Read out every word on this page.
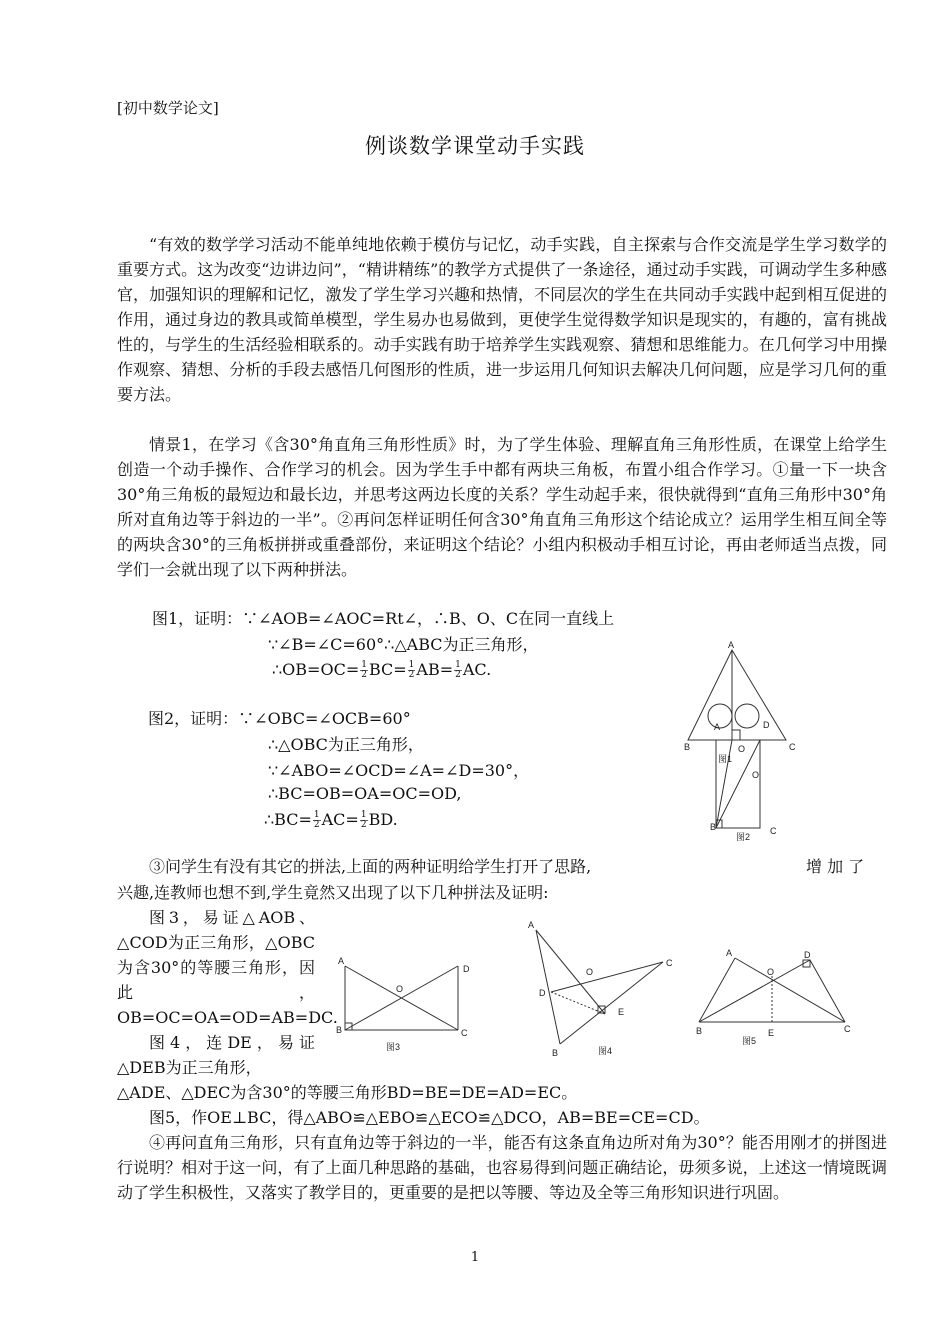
[初中数学论文]
例谈数学课堂动手实践
“有效的数学学习活动不能单纯地依赖于模仿与记忆，动手实践，自主探索与合作交流是学生学习数学的重要方式。这为改变“边讲边问”，“精讲精练”的教学方式提供了一条途径，通过动手实践，可调动学生多种感官，加强知识的理解和记忆，激发了学生学习兴趣和热情，不同层次的学生在共同动手实践中起到相互促进的作用，通过身边的教具或简单模型，学生易办也易做到，更使学生觉得数学知识是现实的，有趣的，富有挑战性的，与学生的生活经验相联系的。动手实践有助于培养学生实践观察、猜想和思维能力。在几何学习中用操作观察、猜想、分析的手段去感悟几何图形的性质，进一步运用几何知识去解决几何问题，应是学习几何的重要方法。
情景1，在学习《含30°角直角三角形性质》时，为了学生体验、理解直角三角形性质，在课堂上给学生创造一个动手操作、合作学习的机会。因为学生手中都有两块三角板，布置小组合作学习。①量一下一块含30°角三角板的最短边和最长边，并思考这两边长度的关系？学生动起手来，很快就得到“直角三角形中30°角所对直角边等于斜边的一半”。②再问怎样证明任何含30°角直角三角形这个结论成立？运用学生相互间全等的两块含30°的三角板拼拼或重叠部份，来证明这个结论？小组内积极动手相互讨论，再由老师适当点拨，同学们一会就出现了以下两种拼法。
图1，证明：∵∠AOB=∠AOC=Rt∠，∴B、O、C在同一直线上
∵∠B=∠C=60°∴△ABC为正三角形，
∴OB=OC= $\frac{1}{2} BC= \frac{1}{2} AB= \frac{1}{2}$ AC.
图2，证明：∵∠OBC=∠OCB=60°
∴△OBC为正三角形，
∵∠ABO=∠OCD=∠A=∠D=30°，
∴BC=OB=OA=OC=OD,
∴BC= $\frac{1}{2} AC= \frac{1}{2}$ BD.
A
A	D
B	O	C
图1
O
B	C
图2
③问学生有没有其它的拼法,上面的两种证明给学生打开了思路,	增 加 了
兴趣,连教师也想不到,学生竟然又出现了以下几种拼法及证明:
图3，易证△AOB、△COD为正三角形，△OBC为含30°的等腰三角形，因此，OB=OC=OA=OD=AB=DC.
图4，连DE，易证△DEB为正三角形，
△ADE、△DEC为含30°的等腰三角形BD=BE=DE=AD=EC。
图5，作OE⊥BC，得△ABO≌△EBO≌△ECO≌△DCO，AB=BE=CE=CD。
A
D
O
B	C
图3
A
O
C
D
E
B	图4
A	D
O
B	E	C
图5
④再问直角三角形，只有直角边等于斜边的一半，能否有这条直角边所对角为30°？能否用刚才的拼图进行说明？相对于这一问，有了上面几种思路的基础，也容易得到问题正确结论，毋须多说，上述这一情境既调动了学生积极性，又落实了教学目的，更重要的是把以等腰、等边及全等三角形知识进行巩固。
1
